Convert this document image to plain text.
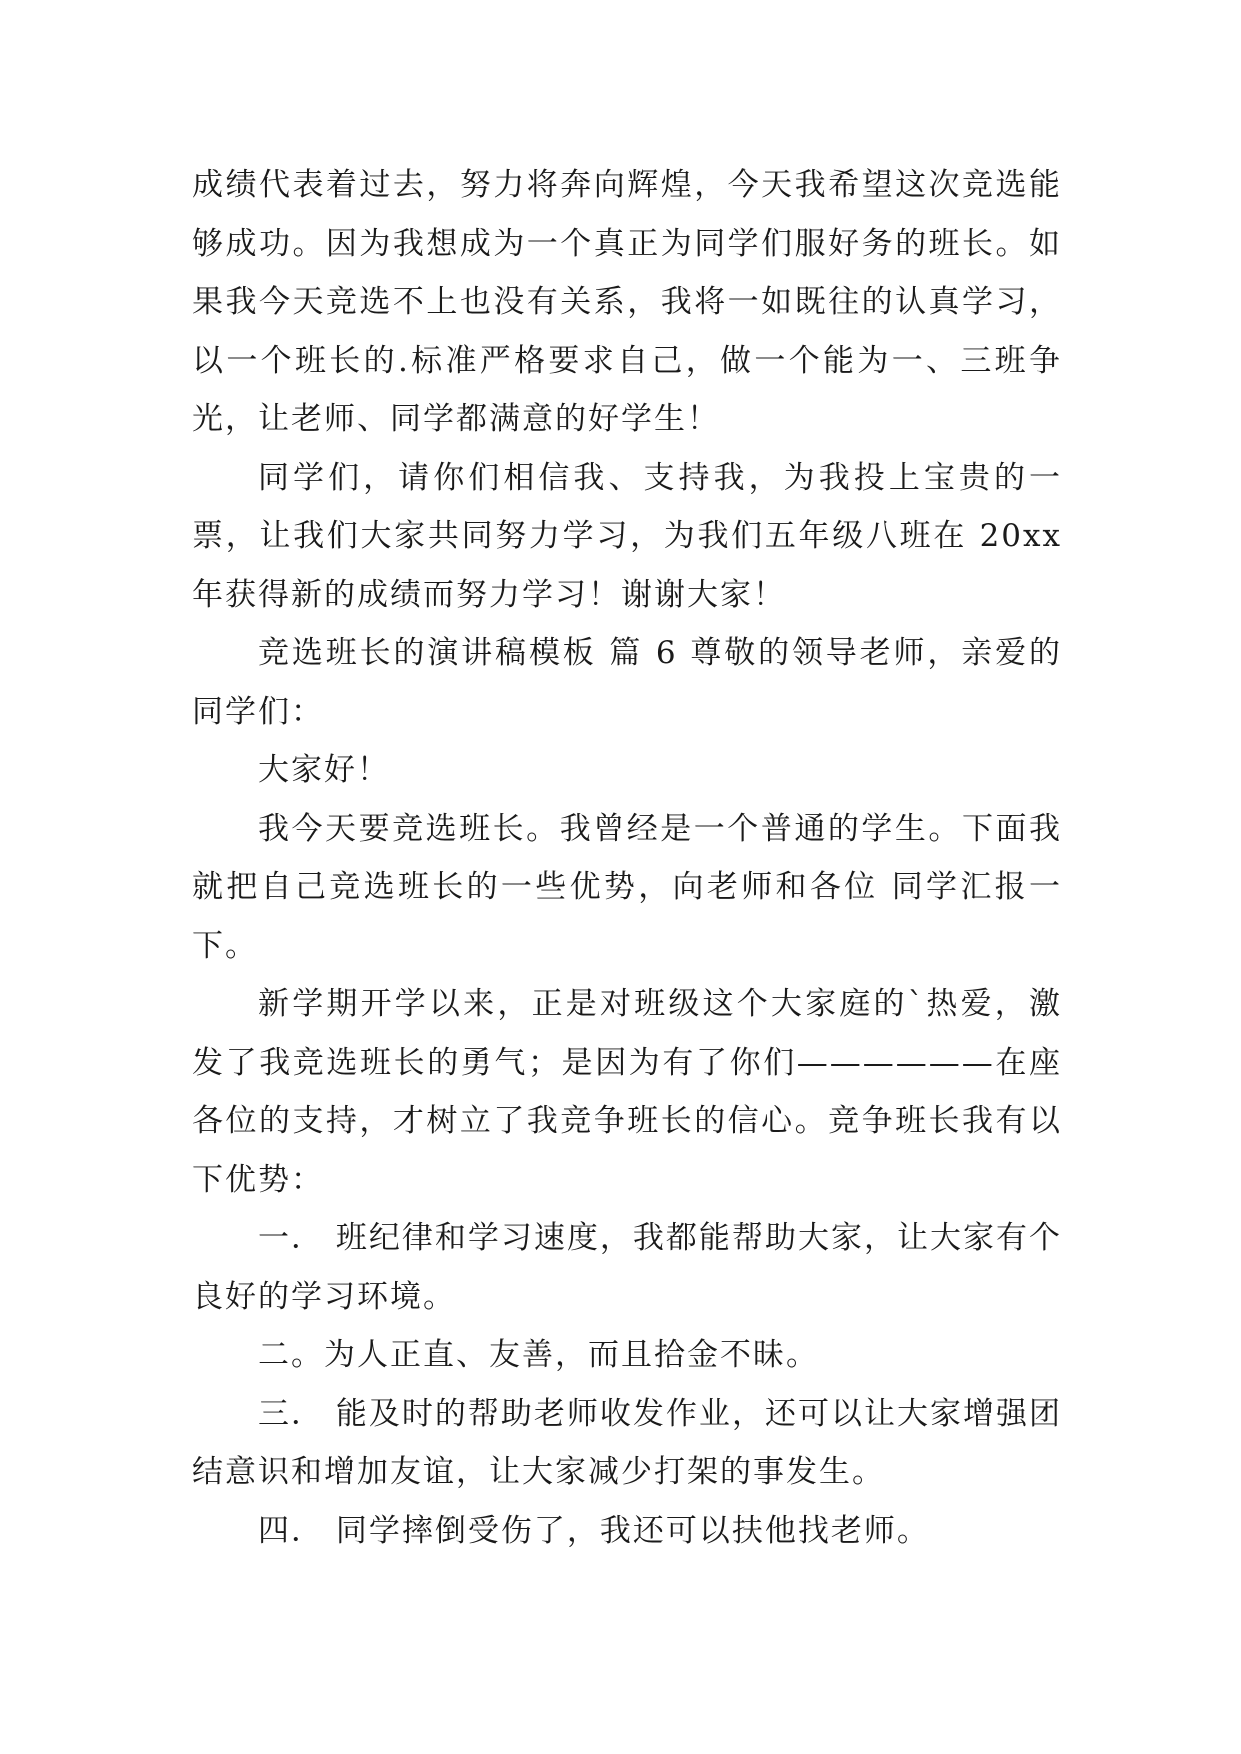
成绩代表着过去，努力将奔向辉煌，今天我希望这次竞选能够成功。因为我想成为一个真正为同学们服好务的班长。如果我今天竞选不上也没有关系，我将一如既往的认真学习，以一个班长的.标准严格要求自己，做一个能为一、三班争光，让老师、同学都满意的好学生！

同学们，请你们相信我、支持我，为我投上宝贵的一票，让我们大家共同努力学习，为我们五年级八班在 20xx 年获得新的成绩而努力学习！谢谢大家！

竞选班长的演讲稿模板 篇 6 尊敬的领导老师，亲爱的同学们：

大家好！

我今天要竞选班长。我曾经是一个普通的学生。下面我就把自己竞选班长的一些优势，向老师和各位 同学汇报一下。

新学期开学以来，正是对班级这个大家庭的`热爱，激发了我竞选班长的勇气；是因为有了你们——————在座各位的支持，才树立了我竞争班长的信心。竞争班长我有以下优势：

一． 班纪律和学习速度，我都能帮助大家，让大家有个良好的学习环境。

二。为人正直、友善，而且拾金不昧。

三． 能及时的帮助老师收发作业，还可以让大家增强团结意识和增加友谊，让大家减少打架的事发生。

四． 同学摔倒受伤了，我还可以扶他找老师。
